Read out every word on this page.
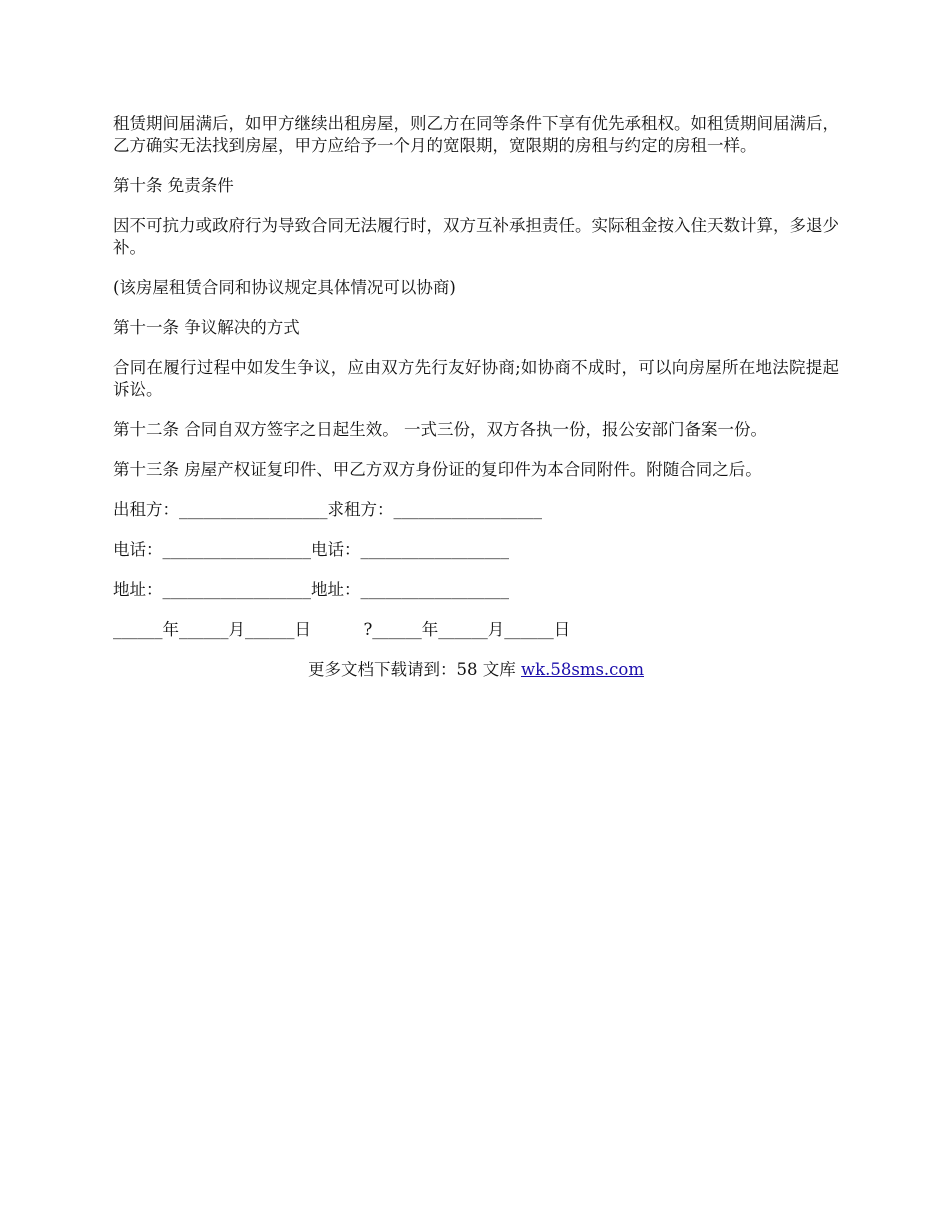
租赁期间届满后，如甲方继续出租房屋，则乙方在同等条件下享有优先承租权。如租赁期间届满后，乙方确实无法找到房屋，甲方应给予一个月的宽限期，宽限期的房租与约定的房租一样。

第十条 免责条件

因不可抗力或政府行为导致合同无法履行时，双方互补承担责任。实际租金按入住天数计算，多退少补。

(该房屋租赁合同和协议规定具体情况可以协商)

第十一条 争议解决的方式

合同在履行过程中如发生争议，应由双方先行友好协商;如协商不成时，可以向房屋所在地法院提起诉讼。

第十二条 合同自双方签字之日起生效。 一式三份，双方各执一份，报公安部门备案一份。

第十三条 房屋产权证复印件、甲乙方双方身份证的复印件为本合同附件。附随合同之后。

出租方：__________________求租方：__________________

电话：__________________电话：__________________

地址：__________________地址：__________________

______年______月______日          ?______年______月______日

更多文档下载请到：58 文库 wk.58sms.com
